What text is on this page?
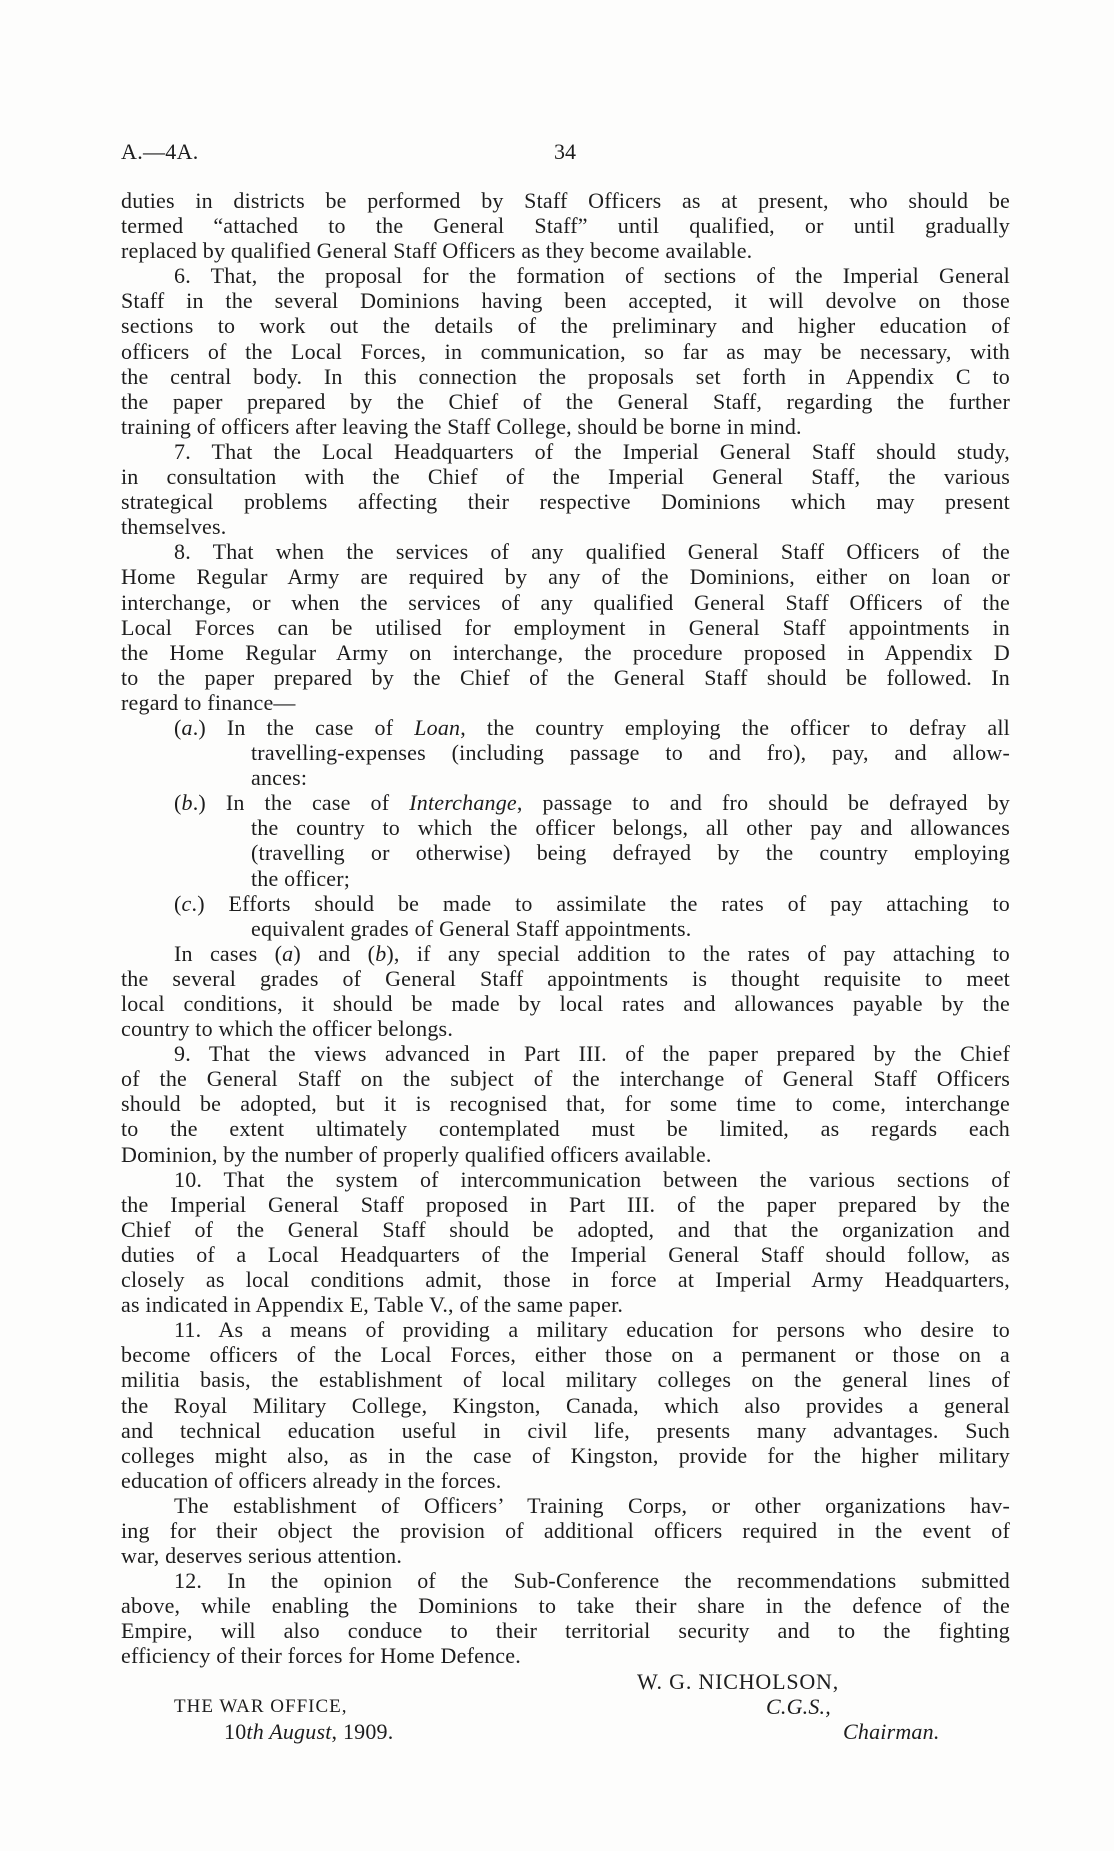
A.—4A.	34
duties in districts be performed by Staff Officers as at present, who should be
termed “attached to the General Staff” until qualified, or until gradually
replaced by qualified General Staff Officers as they become available.
6. That, the proposal for the formation of sections of the Imperial General
Staff in the several Dominions having been accepted, it will devolve on those
sections to work out the details of the preliminary and higher education of
officers of the Local Forces, in communication, so far as may be necessary, with
the central body. In this connection the proposals set forth in Appendix C to
the paper prepared by the Chief of the General Staff, regarding the further
training of officers after leaving the Staff College, should be borne in mind.
7. That the Local Headquarters of the Imperial General Staff should study,
in consultation with the Chief of the Imperial General Staff, the various
strategical problems affecting their respective Dominions which may present
themselves.
8. That when the services of any qualified General Staff Officers of the
Home Regular Army are required by any of the Dominions, either on loan or
interchange, or when the services of any qualified General Staff Officers of the
Local Forces can be utilised for employment in General Staff appointments in
the Home Regular Army on interchange, the procedure proposed in Appendix D
to the paper prepared by the Chief of the General Staff should be followed. In
regard to finance—
(a.) In the case of Loan, the country employing the officer to defray all
travelling-expenses (including passage to and fro), pay, and allow-
ances:
(b.) In the case of Interchange, passage to and fro should be defrayed by
the country to which the officer belongs, all other pay and allowances
(travelling or otherwise) being defrayed by the country employing
the officer;
(c.) Efforts should be made to assimilate the rates of pay attaching to
equivalent grades of General Staff appointments.
In cases (a) and (b), if any special addition to the rates of pay attaching to
the several grades of General Staff appointments is thought requisite to meet
local conditions, it should be made by local rates and allowances payable by the
country to which the officer belongs.
9. That the views advanced in Part III. of the paper prepared by the Chief
of the General Staff on the subject of the interchange of General Staff Officers
should be adopted, but it is recognised that, for some time to come, interchange
to the extent ultimately contemplated must be limited, as regards each
Dominion, by the number of properly qualified officers available.
10. That the system of intercommunication between the various sections of
the Imperial General Staff proposed in Part III. of the paper prepared by the
Chief of the General Staff should be adopted, and that the organization and
duties of a Local Headquarters of the Imperial General Staff should follow, as
closely as local conditions admit, those in force at Imperial Army Headquarters,
as indicated in Appendix E, Table V., of the same paper.
11. As a means of providing a military education for persons who desire to
become officers of the Local Forces, either those on a permanent or those on a
militia basis, the establishment of local military colleges on the general lines of
the Royal Military College, Kingston, Canada, which also provides a general
and technical education useful in civil life, presents many advantages. Such
colleges might also, as in the case of Kingston, provide for the higher military
education of officers already in the forces.
The establishment of Officers’ Training Corps, or other organizations hav-
ing for their object the provision of additional officers required in the event of
war, deserves serious attention.
12. In the opinion of the Sub-Conference the recommendations submitted
above, while enabling the Dominions to take their share in the defence of the
Empire, will also conduce to their territorial security and to the fighting
efficiency of their forces for Home Defence.
W. G. NICHOLSON,
THE WAR OFFICE,	C.G.S.,
10th August, 1909.	Chairman.
